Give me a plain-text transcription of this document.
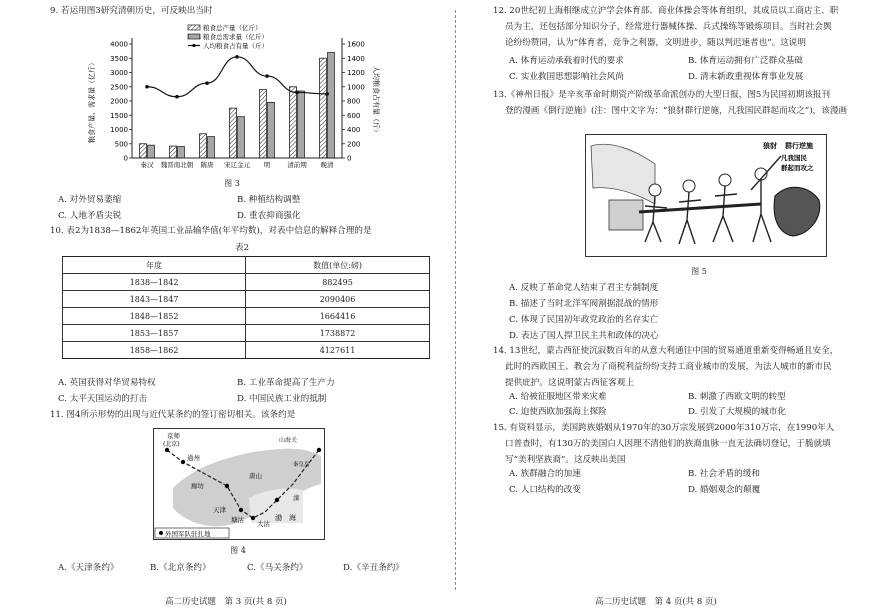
9. 若运用图3研究清朝历史，可反映出当时
0
500
1000
1500
2000
2500
3000
3500
4000
0
200
400
600
800
1000
1200
1400
1600
秦汉 魏晋南北朝 隋唐 宋辽金元 明	清前期 晚清
粮食总产量（亿斤）
粮食总需求量（亿斤）
人均粮食占有量（斤）
粮食产量、需求量（亿斤）	人均粮食占有量（斤）
图 3
A. 对外贸易萎缩	B. 种植结构调整
C. 人地矛盾尖锐	D. 重农抑商强化
10. 表2为1838—1862年英国工业品输华值(年平均数)，对表中信息的解释合理的是
表2
年度	数值(单位:磅)
1838—1842	882495
1843—1847	2090406
1848—1852	1664416
1853—1857	1738872
1858—1862	4127611
A. 英国获得对华贸易特权	B. 工业革命提高了生产力
C. 太平天国运动的打击	D. 中国民族工业的抵制
11. 图4所示形势的出现与近代某条约的签订密切相关。该条约是
京师
(北京)
通州
廊坊
唐山
天津
塘沽 大沽
渤 海
滦
山海关
秦皇岛
外国军队驻扎地
图 4
A.《天津条约》	B.《北京条约》	C.《马关条约》	D.《辛丑条约》
高二历史试题　第 3 页(共 8 页)
12. 20世纪初上海相继成立沪学会体育部、商业体操会等体育组织，其成员以工商店主、职
员为主，还包括部分知识分子，经常进行器械体操、兵式操练等锻炼项目。当时社会舆
论纷纷赞同，认为“体育者，竞争之利器，文明进步，随以判迟速者也”。这说明
A. 体育运动承载着时代的要求	B. 体育运动拥有广泛群众基础
C. 实业救国思想影响社会风尚	D. 清末新政重视体育事业发展
13.《神州日报》是辛亥革命时期资产阶级革命派创办的大型日报，图5为民国初期该报刊
登的漫画《倒行逆施》(注：图中文字为：“狼豺群行逆施，凡我国民群起而攻之”)，该漫画
狼豺 群行逆施
凡我国民
群起而攻之
图 5
A. 反映了革命党人结束了君主专制制度
B. 描述了当时北洋军阀割据混战的情形
C. 体现了民国初年政党政治的名存实亡
D. 表达了国人捍卫民主共和政体的决心
14. 13世纪，蒙古西征使沉寂数百年的从意大利通往中国的贸易通道重新变得畅通且安全，
此时的西欧国王、教会为了商税利益纷纷支持工商业城市的发展，为法人城市的新市民
提供庇护。这说明蒙古西征客观上
A. 给被征服地区带来灾难	B. 刺激了西欧文明的转型
C. 迫使西欧加强海上探险	D. 引发了大规模的城市化
15. 有资料显示，美国跨族婚姻从1970年的30万宗发展到2000年310万宗，在1990年人
口普查时，有130万的美国白人因理不清他们的族裔血脉一直无法确切登记，于脆就填
写“美利坚族裔”。这反映出美国
A. 族群融合的加速	B. 社会矛盾的缓和
C. 人口结构的改变	D. 婚姻观念的颠覆
高二历史试题　第 4 页(共 8 页)
